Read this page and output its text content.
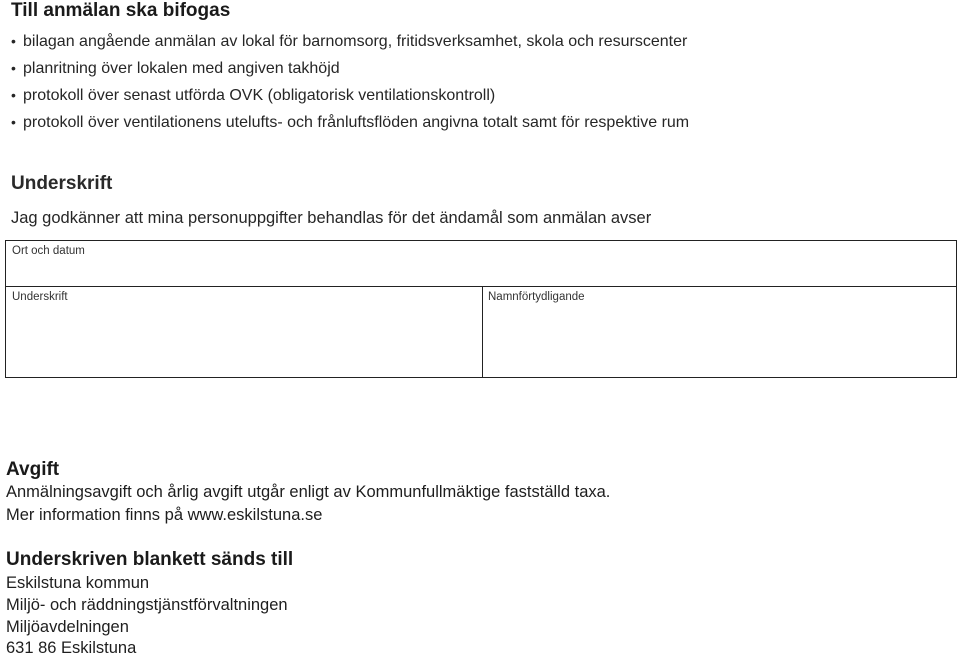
Till anmälan ska bifogas
• bilagan angående anmälan av lokal för barnomsorg, fritidsverksamhet, skola och resurscenter
• planritning över lokalen med angiven takhöjd
• protokoll över senast utförda OVK (obligatorisk ventilationskontroll)
• protokoll över ventilationens utelufts- och frånluftsflöden angivna totalt samt för respektive rum
Underskrift
Jag godkänner att mina personuppgifter behandlas för det ändamål som anmälan avser
Ort och datum
Underskrift	Namnförtydligande
Avgift
Anmälningsavgift och årlig avgift utgår enligt av Kommunfullmäktige fastställd taxa.
Mer information finns på www.eskilstuna.se
Underskriven blankett sänds till
Eskilstuna kommun
Miljö- och räddningstjänstförvaltningen
Miljöavdelningen
631 86 Eskilstuna
